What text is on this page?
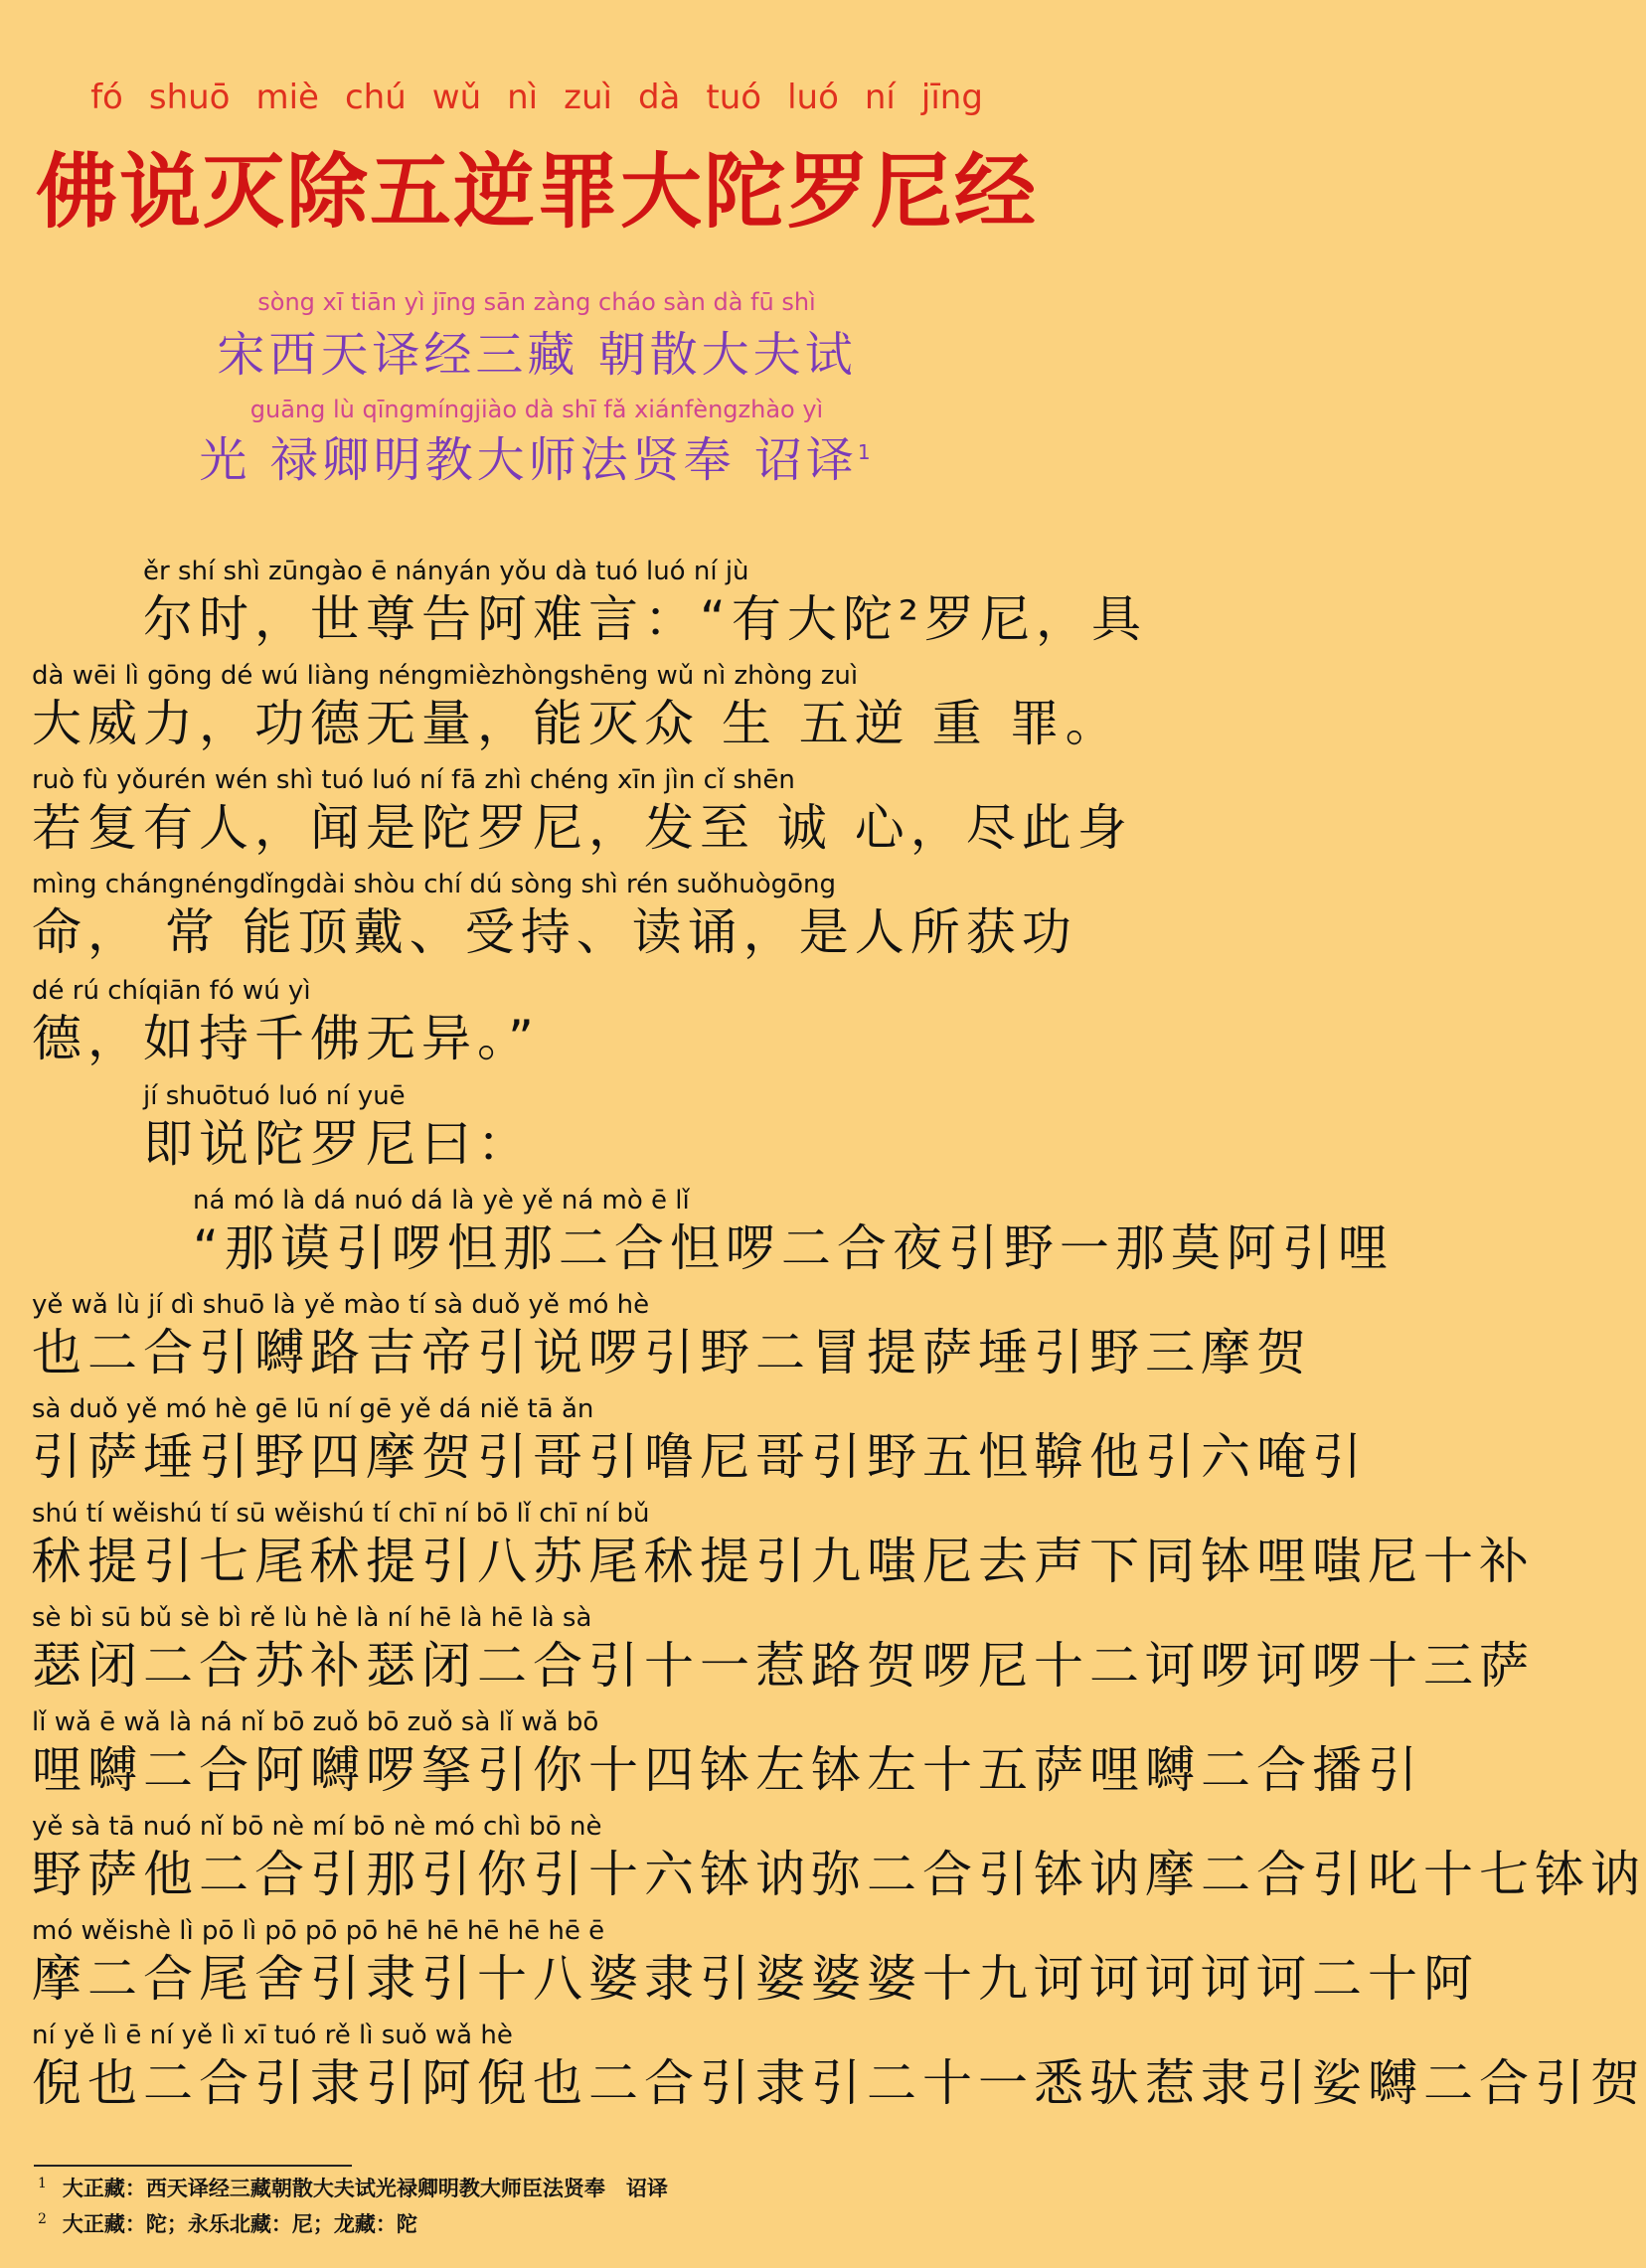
fó shuō miè chú wǔ nì zuì dà tuó luó ní jīng
佛说灭除五逆罪大陀罗尼经
sòng xī tiān yì jīng sān zàng cháo sàn dà fū shì
宋西天译经三藏 朝散大夫试
guāng lù qīngmíngjiào dà shī fǎ xiánfèngzhào yì
光 禄卿明教大师法贤奉 诏译$^1$
ěr shí shì zūngào ē nányán yǒu dà tuó luó ní jù
尔时，世尊告阿难言：“有大陀²罗尼，具
dà wēi lì gōng dé wú liàng néngmièzhòngshēng wǔ nì zhòng zuì
大威力，功德无量，能灭众 生 五逆 重 罪。
ruò fù yǒurén wén shì tuó luó ní fā zhì chéng xīn jìn cǐ shēn
若复有人，闻是陀罗尼，发至 诚 心，尽此身
mìng chángnéngdǐngdài shòu chí dú sòng shì rén suǒhuògōng
命， 常 能顶戴、受持、读诵，是人所获功
dé rú chíqiān fó wú yì
德，如持千佛无异。”
jí shuōtuó luó ní yuē
即说陀罗尼曰：
ná mó là dá nuó dá là yè yě ná mò ē lǐ
“那谟引啰怛那二合怛啰二合夜引野一那莫阿引哩
yě wǎ lù jí dì shuō là yě mào tí sà duǒ yě mó hè
也二合引嚩路吉帝引说啰引野二冒提萨埵引野三摩贺
sà duǒ yě mó hè gē lū ní gē yě dá niě tā ǎn
引萨埵引野四摩贺引哥引噜尼哥引野五怛鞥他引六唵引
shú tí wěishú tí sū wěishú tí chī ní bō lǐ chī ní bǔ
秫提引七尾秫提引八苏尾秫提引九嗤尼去声下同钵哩嗤尼十补
sè bì sū bǔ sè bì rě lù hè là ní hē là hē là sà
瑟闭二合苏补瑟闭二合引十一惹路贺啰尼十二诃啰诃啰十三萨
lǐ wǎ ē wǎ là ná nǐ bō zuǒ bō zuǒ sà lǐ wǎ bō
哩嚩二合阿嚩啰拏引你十四钵左钵左十五萨哩嚩二合播引
yě sà tā nuó nǐ bō nè mí bō nè mó chì bō nè
野萨他二合引那引你引十六钵讷弥二合引钵讷摩二合引叱十七钵讷
mó wěishè lì pō lì pō pō pō hē hē hē hē hē ē
摩二合尾舍引隶引十八婆隶引婆婆婆十九诃诃诃诃诃二十阿
ní yě lì ē ní yě lì xī tuó rě lì suǒ wǎ hè
倪也二合引隶引阿倪也二合引隶引二十一悉驮惹隶引娑嚩二合引贺
$^1$ 大正藏：西天译经三藏朝散大夫试光禄卿明教大师臣法贤奉　诏译
$^2$ 大正藏：陀；永乐北藏：尼；龙藏：陀
